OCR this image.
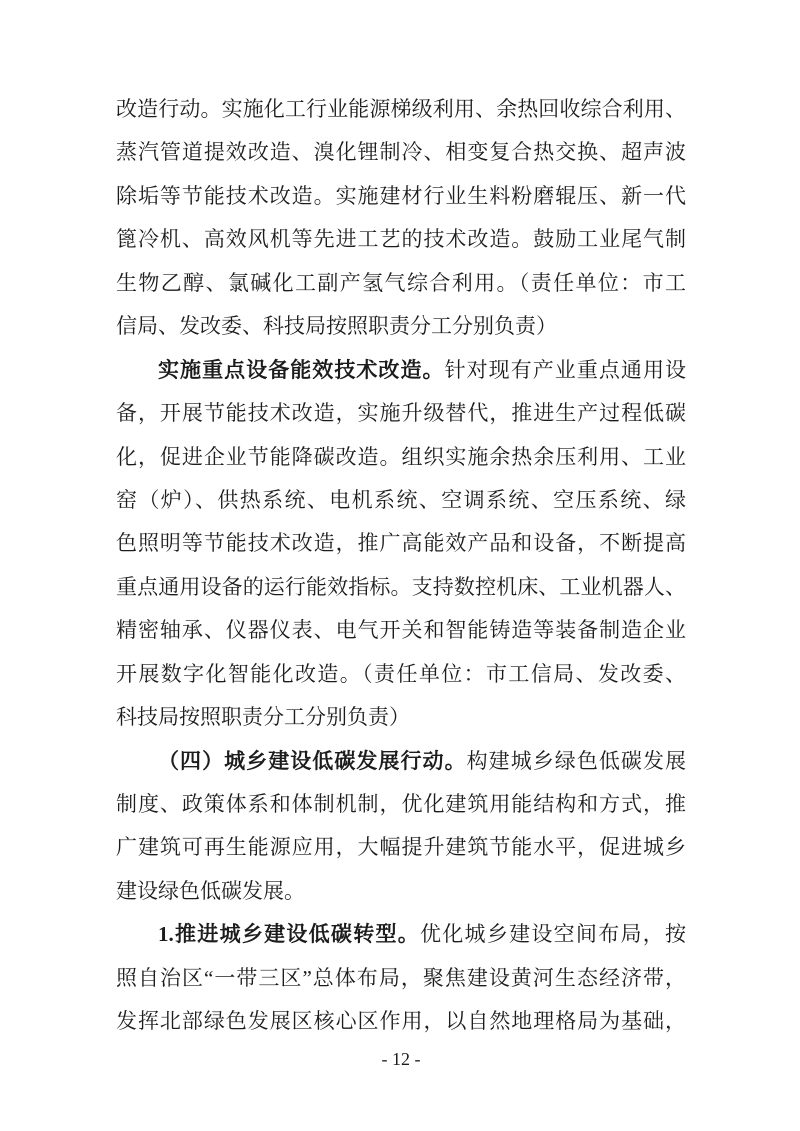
改造行动。实施化工行业能源梯级利用、余热回收综合利用、
蒸汽管道提效改造、溴化锂制冷、相变复合热交换、超声波
除垢等节能技术改造。实施建材行业生料粉磨辊压、新一代
篦冷机、高效风机等先进工艺的技术改造。鼓励工业尾气制
生物乙醇、氯碱化工副产氢气综合利用。（责任单位：市工
信局、发改委、科技局按照职责分工分别负责）
实施重点设备能效技术改造。针对现有产业重点通用设
备，开展节能技术改造，实施升级替代，推进生产过程低碳
化，促进企业节能降碳改造。组织实施余热余压利用、工业
窑（炉）、供热系统、电机系统、空调系统、空压系统、绿
色照明等节能技术改造，推广高能效产品和设备，不断提高
重点通用设备的运行能效指标。支持数控机床、工业机器人、
精密轴承、仪器仪表、电气开关和智能铸造等装备制造企业
开展数字化智能化改造。（责任单位：市工信局、发改委、
科技局按照职责分工分别负责）
（四）城乡建设低碳发展行动。构建城乡绿色低碳发展
制度、政策体系和体制机制，优化建筑用能结构和方式，推
广建筑可再生能源应用，大幅提升建筑节能水平，促进城乡
建设绿色低碳发展。
1.推进城乡建设低碳转型。优化城乡建设空间布局，按
照自治区“一带三区”总体布局，聚焦建设黄河生态经济带，
发挥北部绿色发展区核心区作用，以自然地理格局为基础，
- 12 -
